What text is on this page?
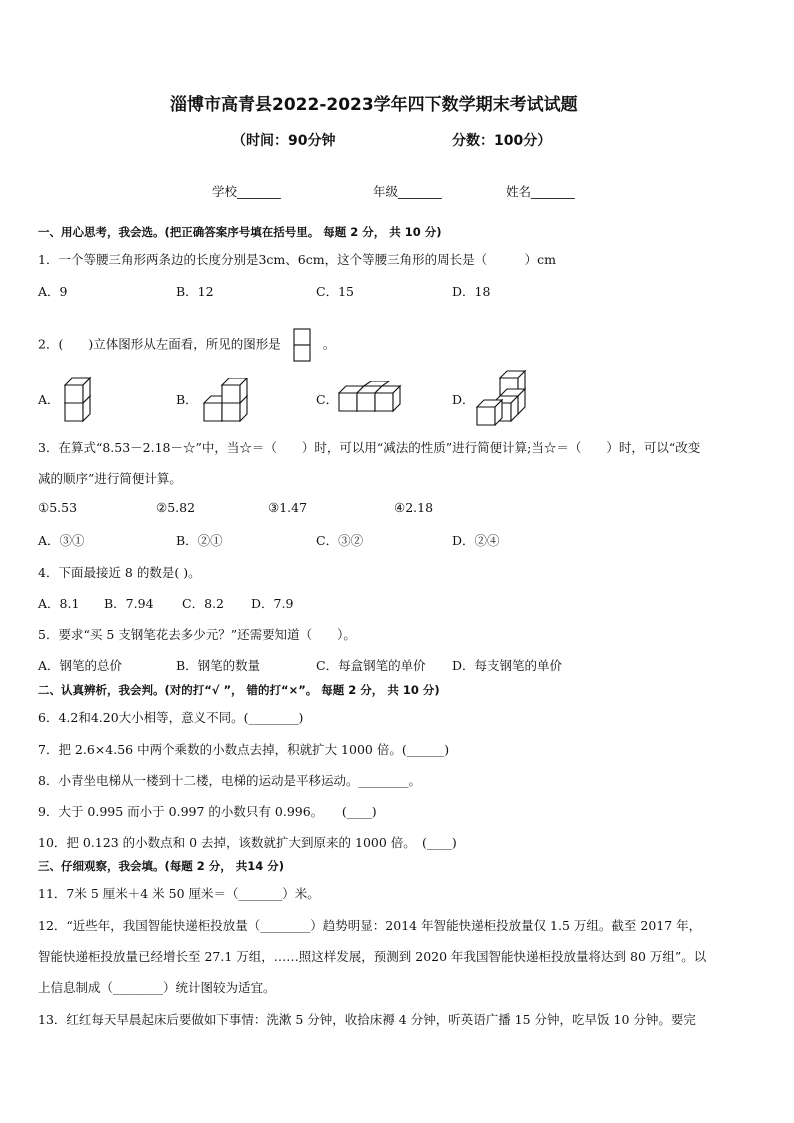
淄博市高青县2022-2023学年四下数学期末考试试题
（时间：90分钟	分数：100分）
学校_______	年级_______	姓名_______
一、用心思考，我会选。(把正确答案序号填在括号里。 每题 2 分， 共 10 分)
1．一个等腰三角形两条边的长度分别是3cm、6cm，这个等腰三角形的周长是（　　　）cm
A．9	B．12	C．15	D．18
2．(　　)立体图形从左面看，所见的图形是	。
A．	B．	C．	D．
3．在算式“8.53－2.18－☆”中，当☆＝（　　）时，可以用“减法的性质”进行简便计算;当☆＝（　　）时，可以“改变
减的顺序”进行简便计算。
①5.53	②5.82	③1.47	④2.18
A．③①	B．②①	C．③②	D．②④
4．下面最接近 8 的数是( )。
A．8.1 B．7.94 C．8.2 D．7.9
5．要求“买 5 支钢笔花去多少元？”还需要知道（　　）。
A．钢笔的总价	B．钢笔的数量	C．每盒钢笔的单价 D．每支钢笔的单价
二、认真辨析，我会判。(对的打“√ ”， 错的打“×”。 每题 2 分， 共 10 分)
6．4.2和4.20大小相等，意义不同。(________)
7．把 2.6×4.56 中两个乘数的小数点去掉，积就扩大 1000 倍。(______)
8．小青坐电梯从一楼到十二楼，电梯的运动是平移运动。________。
9．大于 0.995 而小于 0.997 的小数只有 0.996。　　(____)
10．把 0.123 的小数点和 0 去掉，该数就扩大到原来的 1000 倍。　(____)
三、仔细观察，我会填。(每题 2 分， 共14 分)
11．7米 5 厘米＋4 米 50 厘米＝（_______）米。
12．“近些年，我国智能快递柜投放量（________）趋势明显：2014 年智能快递柜投放量仅 1.5 万组。截至 2017 年，
智能快递柜投放量已经增长至 27.1 万组，……照这样发展，预测到 2020 年我国智能快递柜投放量将达到 80 万组”。以
上信息制成（________）统计图较为适宜。
13．红红每天早晨起床后要做如下事情：洗漱 5 分钟，收拾床褥 4 分钟，听英语广播 15 分钟，吃早饭 10 分钟。要完
